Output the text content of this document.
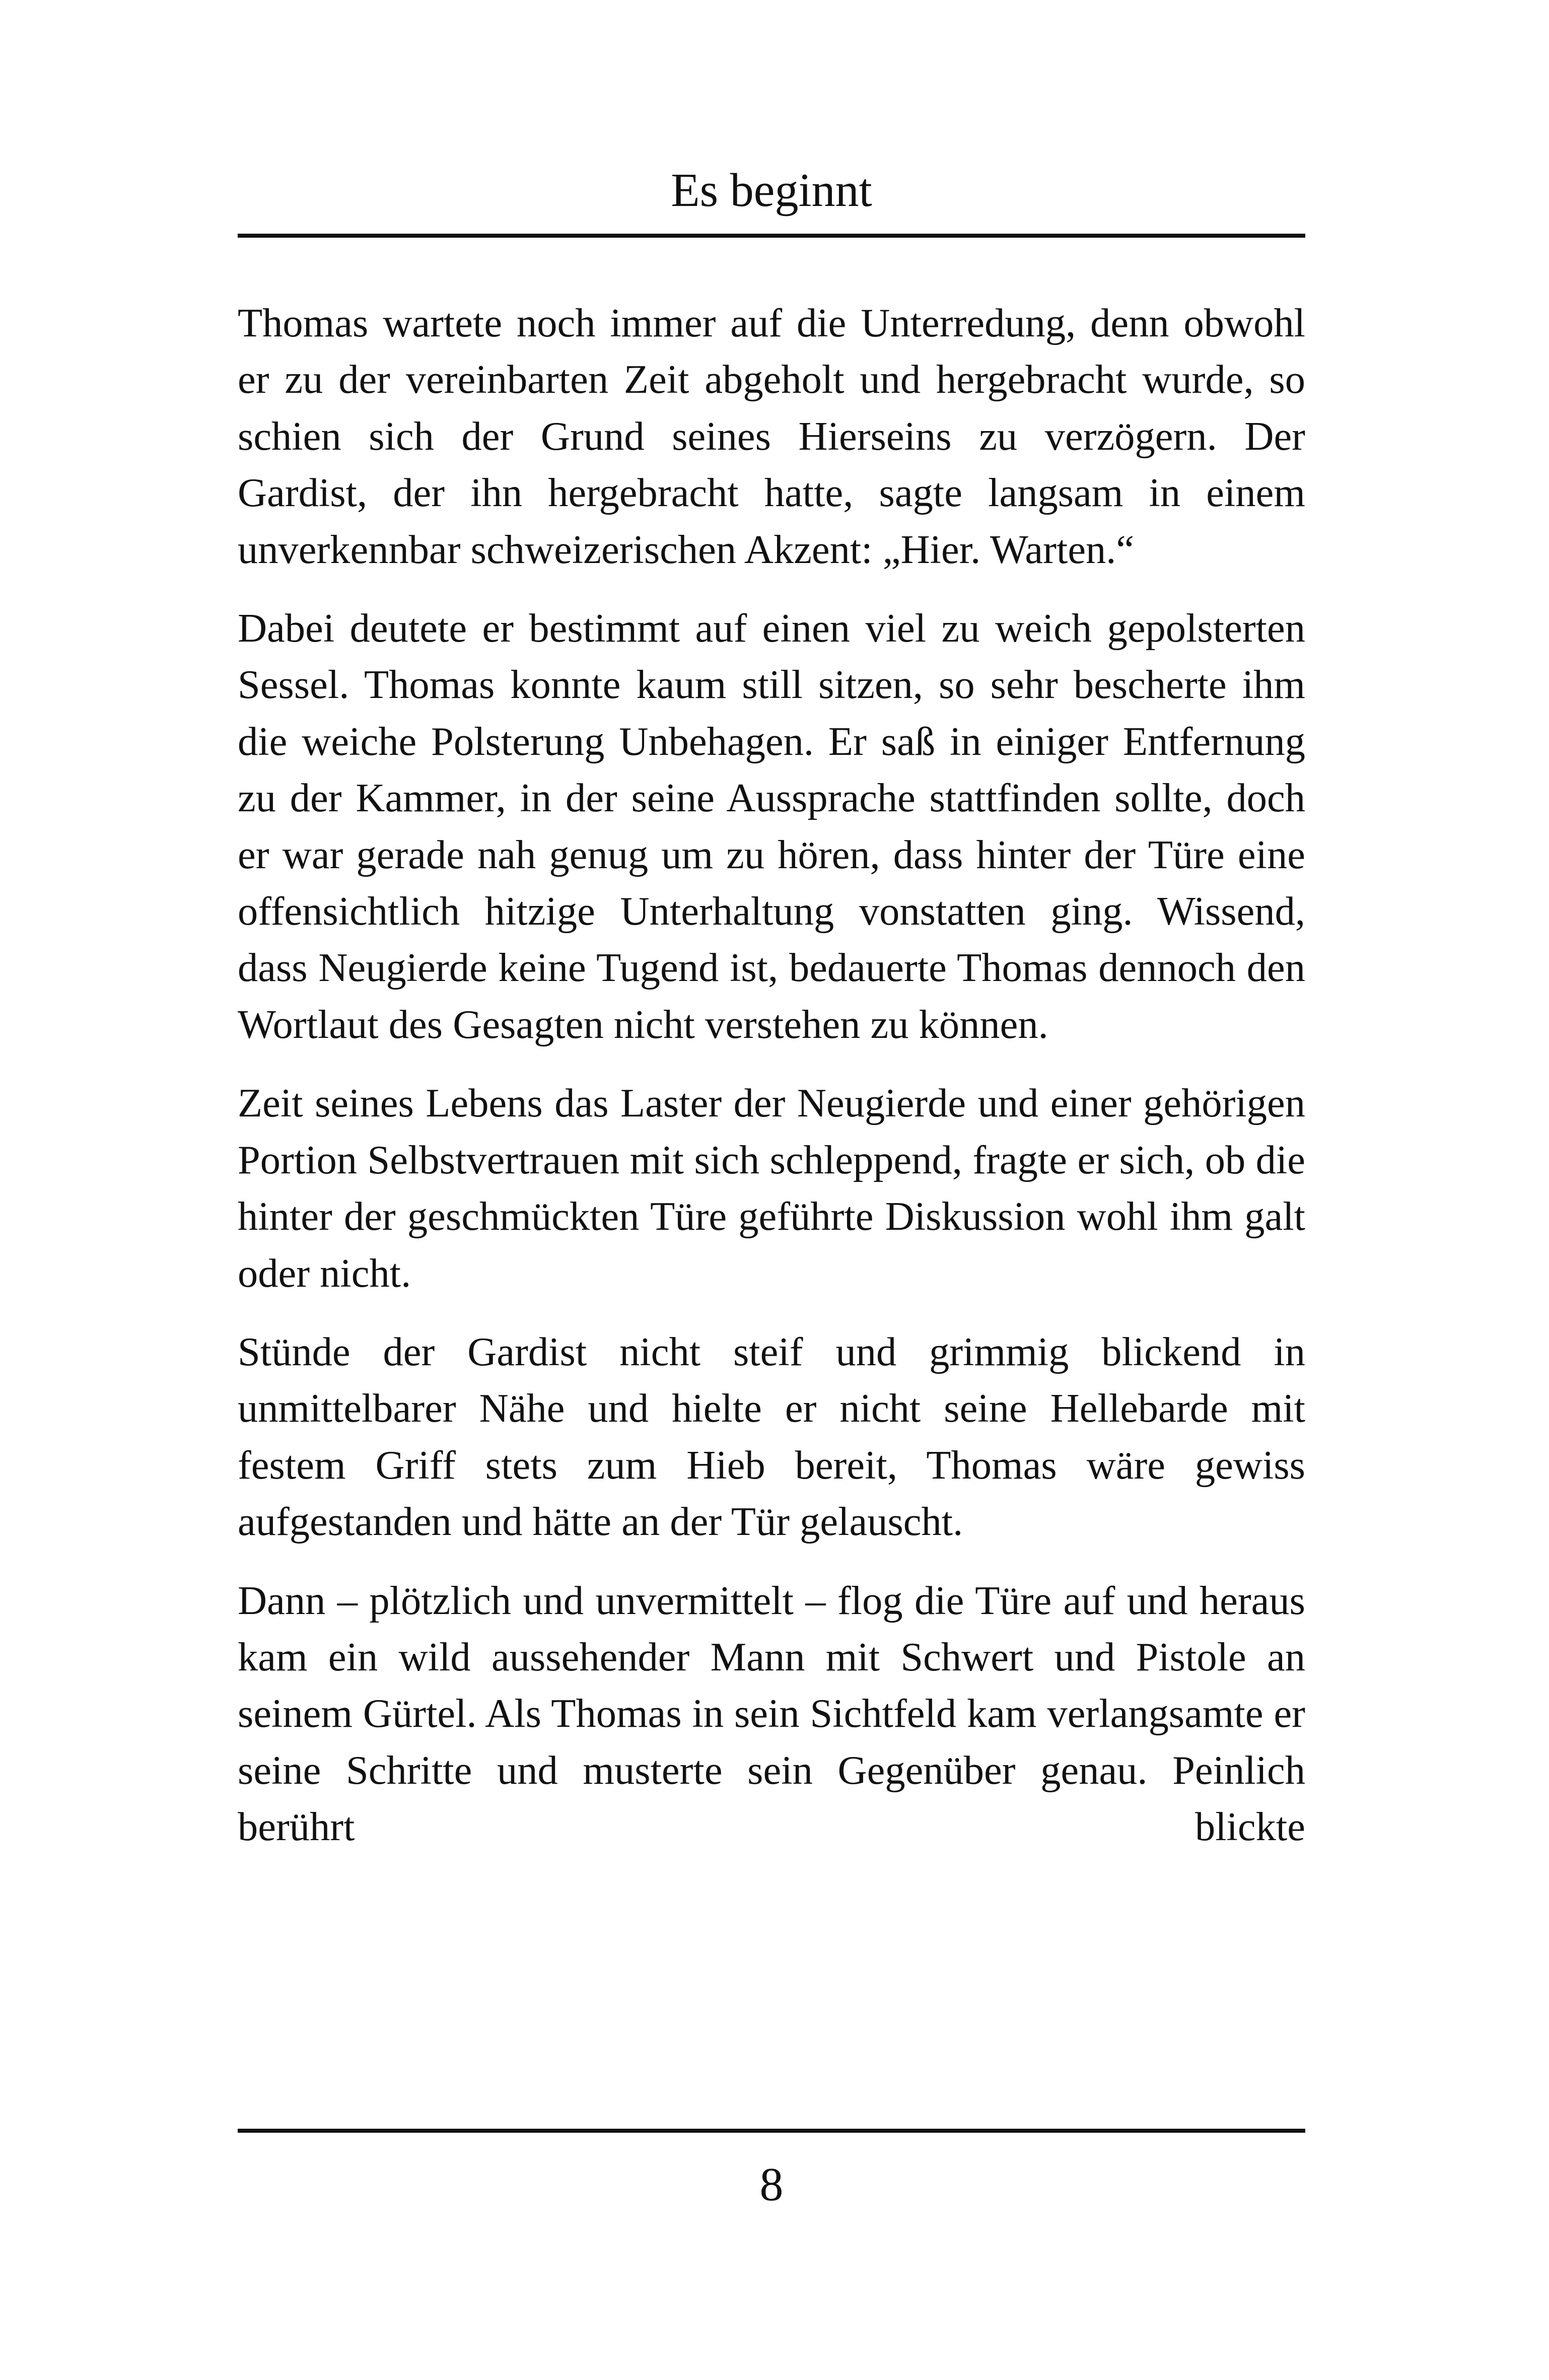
Es beginnt

Thomas wartete noch immer auf die Unterredung, denn obwohl er zu der vereinbarten Zeit abgeholt und hergebracht wurde, so schien sich der Grund seines Hierseins zu verzögern. Der Gardist, der ihn hergebracht hatte, sagte langsam in einem unverkennbar schweizerischen Akzent: „Hier. Warten.“

Dabei deutete er bestimmt auf einen viel zu weich gepolsterten Sessel. Thomas konnte kaum still sitzen, so sehr bescherte ihm die weiche Polsterung Unbehagen. Er saß in einiger Entfernung zu der Kammer, in der seine Aussprache stattfinden sollte, doch er war gerade nah genug um zu hören, dass hinter der Türe eine offensichtlich hitzige Unterhaltung vonstatten ging. Wissend, dass Neugierde keine Tugend ist, bedauerte Thomas dennoch den Wortlaut des Gesagten nicht verstehen zu können.

Zeit seines Lebens das Laster der Neugierde und einer gehörigen Portion Selbstvertrauen mit sich schleppend, fragte er sich, ob die hinter der geschmückten Türe geführte Diskussion wohl ihm galt oder nicht.

Stünde der Gardist nicht steif und grimmig blickend in unmittelbarer Nähe und hielte er nicht seine Hellebarde mit festem Griff stets zum Hieb bereit, Thomas wäre gewiss aufgestanden und hätte an der Tür gelauscht.

Dann – plötzlich und unvermittelt – flog die Türe auf und heraus kam ein wild aussehender Mann mit Schwert und Pistole an seinem Gürtel. Als Thomas in sein Sichtfeld kam verlangsamte er seine Schritte und musterte sein Gegenüber genau. Peinlich berührt blickte

8
